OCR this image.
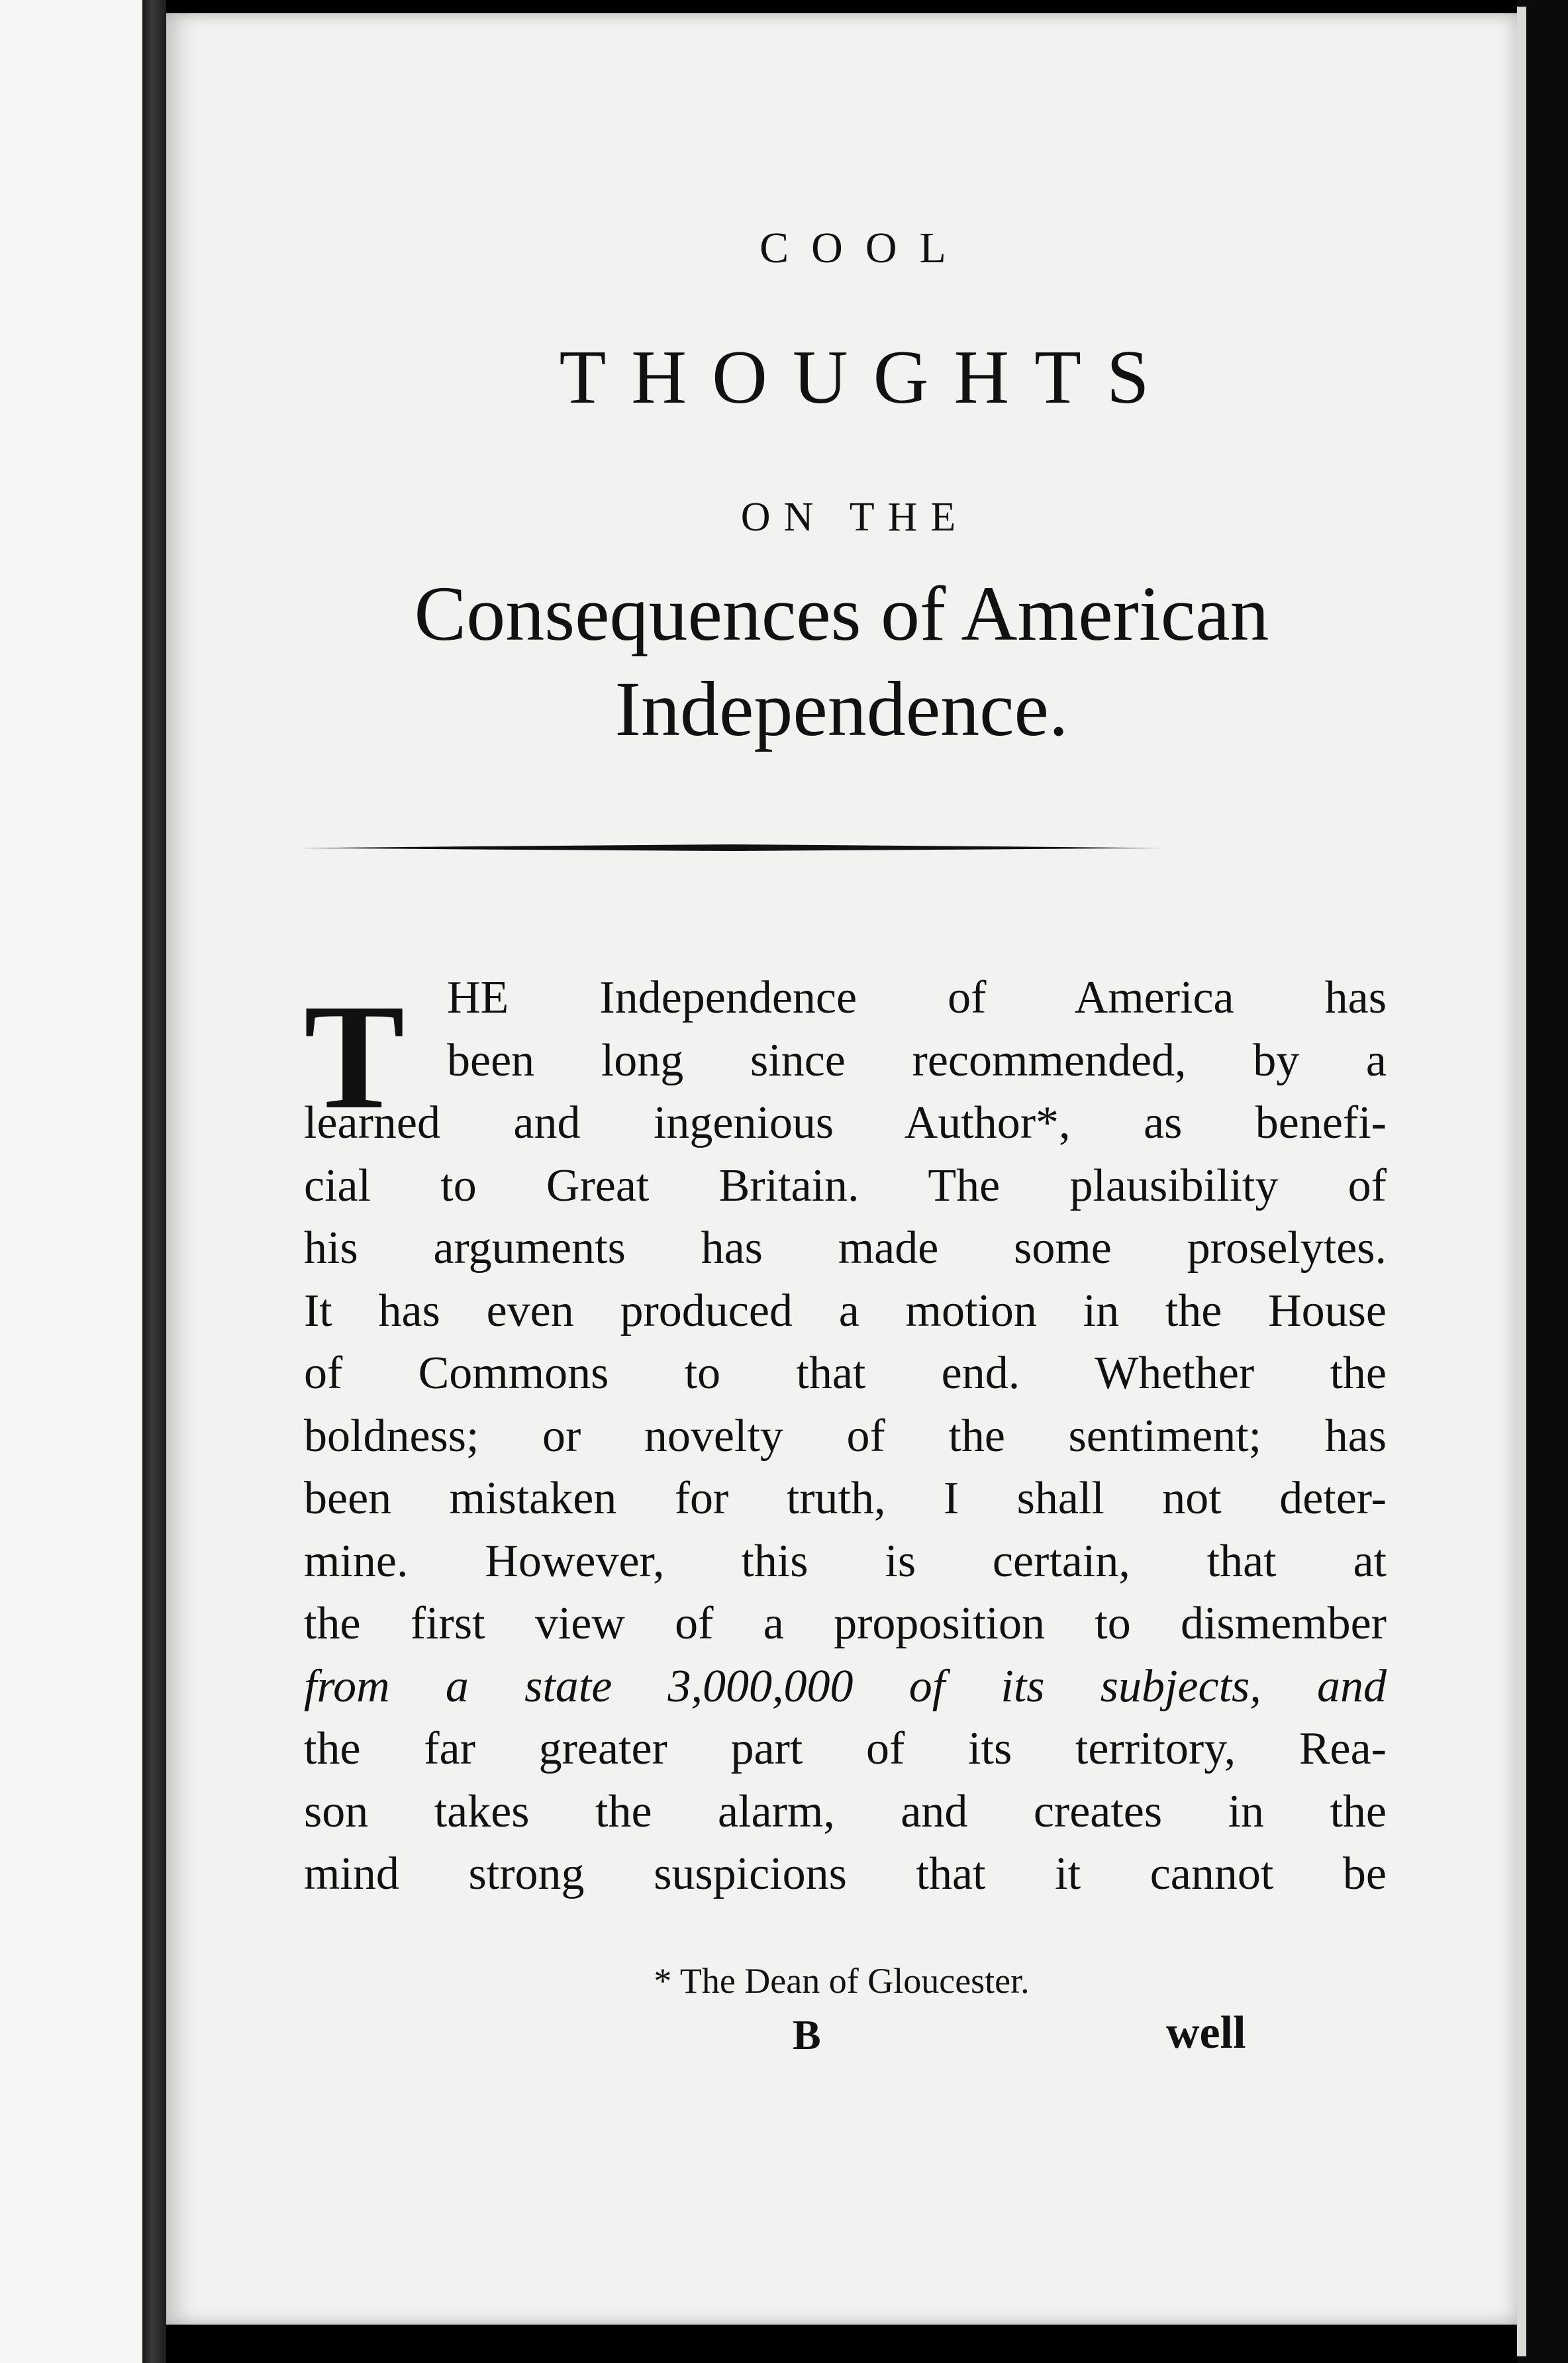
COOL
THOUGHTS
ON THE
Consequences of American
Independence.
T HE Independence of America has
been long since recommended, by a
learned and ingenious Author*, as benefi-
cial to Great Britain. The plausibility of
his arguments has made some proselytes.
It has even produced a motion in the House
of Commons to that end. Whether the
boldness; or novelty of the sentiment; has
been mistaken for truth, I shall not deter-
mine. However, this is certain, that at
the first view of a proposition to dismember
from a state 3,000,000 of its subjects, and
the far greater part of its territory, Rea-
son takes the alarm, and creates in the
mind strong suspicions that it cannot be
* The Dean of Gloucester.
B	well
